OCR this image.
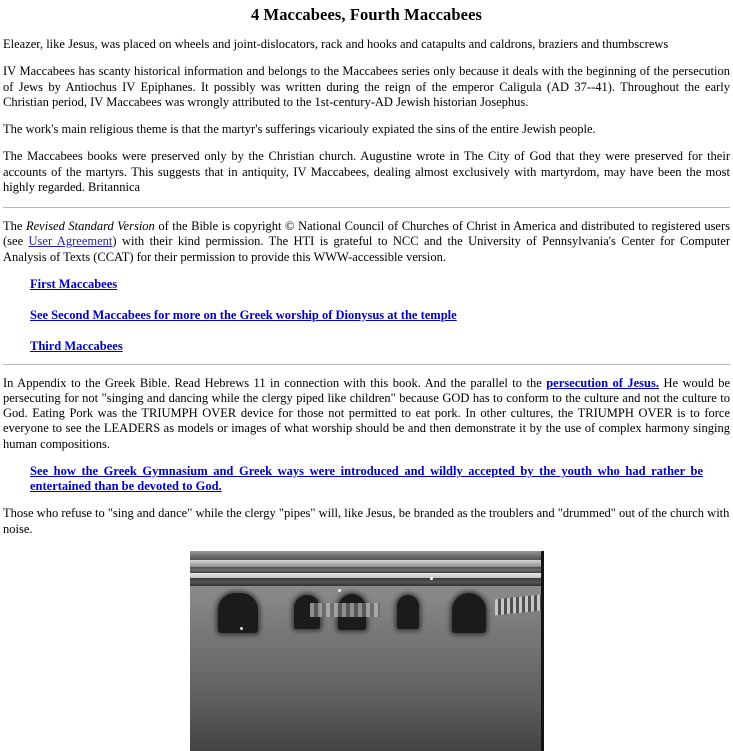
4 Maccabees, Fourth Maccabees

Eleazer, like Jesus, was placed on wheels and joint-dislocators, rack and hooks and catapults and caldrons, braziers and thumbscrews

IV Maccabees has scanty historical information and belongs to the Maccabees series only because it deals with the beginning of the persecution of Jews by Antiochus IV Epiphanes. It possibly was written during the reign of the emperor Caligula (AD 37--41). Throughout the early Christian period, IV Maccabees was wrongly attributed to the 1st-century-AD Jewish historian Josephus.

The work's main religious theme is that the martyr's sufferings vicariouly expiated the sins of the entire Jewish people.

The Maccabees books were preserved only by the Christian church. Augustine wrote in The City of God that they were preserved for their accounts of the martyrs. This suggests that in antiquity, IV Maccabees, dealing almost exclusively with martyrdom, may have been the most highly regarded. Britannica

The Revised Standard Version of the Bible is copyright © National Council of Churches of Christ in America and distributed to registered users (see User Agreement) with their kind permission. The HTI is grateful to NCC and the University of Pennsylvania's Center for Computer Analysis of Texts (CCAT) for their permission to provide this WWW-accessible version.

First Maccabees
See Second Maccabees for more on the Greek worship of Dionysus at the temple
Third Maccabees

In Appendix to the Greek Bible. Read Hebrews 11 in connection with this book. And the parallel to the persecution of Jesus. He would be persecuting for not "singing and dancing while the clergy piped like children" because GOD has to conform to the culture and not the culture to God. Eating Pork was the TRIUMPH OVER device for those not permitted to eat pork. In other cultures, the TRIUMPH OVER is to force everyone to see the LEADERS as models or images of what worship should be and then demonstrate it by the use of complex harmony singing human compositions.

See how the Greek Gymnasium and Greek ways were introduced and wildly accepted by the youth who had rather be entertained than be devoted to God.

Those who refuse to "sing and dance" while the clergy "pipes" will, like Jesus, be branded as the troublers and "drummed" out of the church with noise.
